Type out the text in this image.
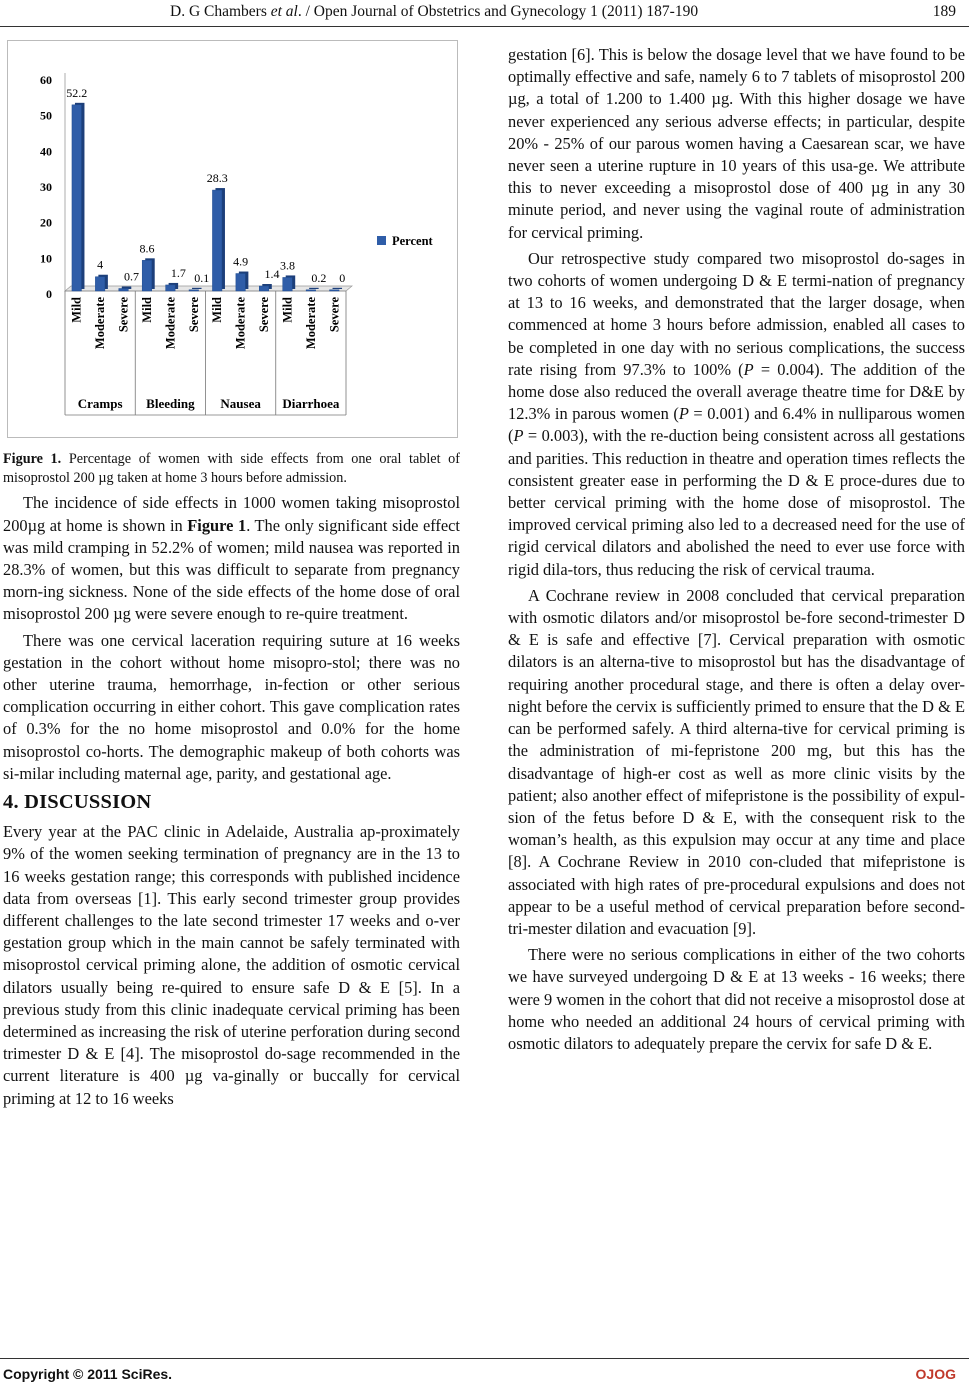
D. G Chambers et al. / Open Journal of Obstetrics and Gynecology 1 (2011) 187-190	189
0
10
20
30
40
50
60
52.2
Mild
4
Moderate
0.7
Severe
Cramps
8.6
Mild
1.7
Moderate
0.1
Severe
Bleeding
28.3
Mild
4.9
Moderate
1.4
Severe
Nausea
3.8
Mild
0.2
Moderate
0
Severe
Diarrhoea
Percent

Figure 1. Percentage of women with side effects from one oral tablet of misoprostol 200 µg taken at home 3 hours before admission.

The incidence of side effects in 1000 women taking misoprostol 200µg at home is shown in Figure 1. The only significant side effect was mild cramping in 52.2% of women; mild nausea was reported in 28.3% of women, but this was difficult to separate from pregnancy morn-ing sickness. None of the side effects of the home dose of oral misoprostol 200 µg were severe enough to re-quire treatment.

There was one cervical laceration requiring suture at 16 weeks gestation in the cohort without home misopro-stol; there was no other uterine trauma, hemorrhage, in-fection or other serious complication occurring in either cohort. This gave complication rates of 0.3% for the no home misoprostol and 0.0% for the home misoprostol co-horts. The demographic makeup of both cohorts was si-milar including maternal age, parity, and gestational age.

4. DISCUSSION

Every year at the PAC clinic in Adelaide, Australia ap-proximately 9% of the women seeking termination of pregnancy are in the 13 to 16 weeks gestation range; this corresponds with published incidence data from overseas [1]. This early second trimester group provides different challenges to the late second trimester 17 weeks and o-ver gestation group which in the main cannot be safely terminated with misoprostol cervical priming alone, the addition of osmotic cervical dilators usually being re-quired to ensure safe D & E [5]. In a previous study from this clinic inadequate cervical priming has been determined as increasing the risk of uterine perforation during second trimester D & E [4]. The misoprostol do-sage recommended in the current literature is 400 µg va-ginally or buccally for cervical priming at 12 to 16 weeks

gestation [6]. This is below the dosage level that we have found to be optimally effective and safe, namely 6 to 7 tablets of misoprostol 200 µg, a total of 1.200 to 1.400 µg. With this higher dosage we have never experienced any serious adverse effects; in particular, despite 20% - 25% of our parous women having a Caesarean scar, we have never seen a uterine rupture in 10 years of this usa-ge. We attribute this to never exceeding a misoprostol dose of 400 µg in any 30 minute period, and never using the vaginal route of administration for cervical priming.

Our retrospective study compared two misoprostol do-sages in two cohorts of women undergoing D & E termi-nation of pregnancy at 13 to 16 weeks, and demonstrated that the larger dosage, when commenced at home 3 hours before admission, enabled all cases to be completed in one day with no serious complications, the success rate rising from 97.3% to 100% (P = 0.004). The addition of the home dose also reduced the overall average theatre time for D&E by 12.3% in parous women (P = 0.001) and 6.4% in nulliparous women (P = 0.003), with the re-duction being consistent across all gestations and parities. This reduction in theatre and operation times reflects the consistent greater ease in performing the D & E proce-dures due to better cervical priming with the home dose of misoprostol. The improved cervical priming also led to a decreased need for the use of rigid cervical dilators and abolished the need to ever use force with rigid dila-tors, thus reducing the risk of cervical trauma.

A Cochrane review in 2008 concluded that cervical preparation with osmotic dilators and/or misoprostol be-fore second-trimester D & E is safe and effective [7]. Cervical preparation with osmotic dilators is an alterna-tive to misoprostol but has the disadvantage of requiring another procedural stage, and there is often a delay over-night before the cervix is sufficiently primed to ensure that the D & E can be performed safely. A third alterna-tive for cervical priming is the administration of mi-fepristone 200 mg, but this has the disadvantage of high-er cost as well as more clinic visits by the patient; also another effect of mifepristone is the possibility of expul-sion of the fetus before D & E, with the consequent risk to the woman’s health, as this expulsion may occur at any time and place [8]. A Cochrane Review in 2010 con-cluded that mifepristone is associated with high rates of pre-procedural expulsions and does not appear to be a useful method of cervical preparation before second-tri-mester dilation and evacuation [9].

There were no serious complications in either of the two cohorts we have surveyed undergoing D & E at 13 weeks - 16 weeks; there were 9 women in the cohort that did not receive a misoprostol dose at home who needed an additional 24 hours of cervical priming with osmotic dilators to adequately prepare the cervix for safe D & E.

Copyright © 2011 SciRes.	OJOG
